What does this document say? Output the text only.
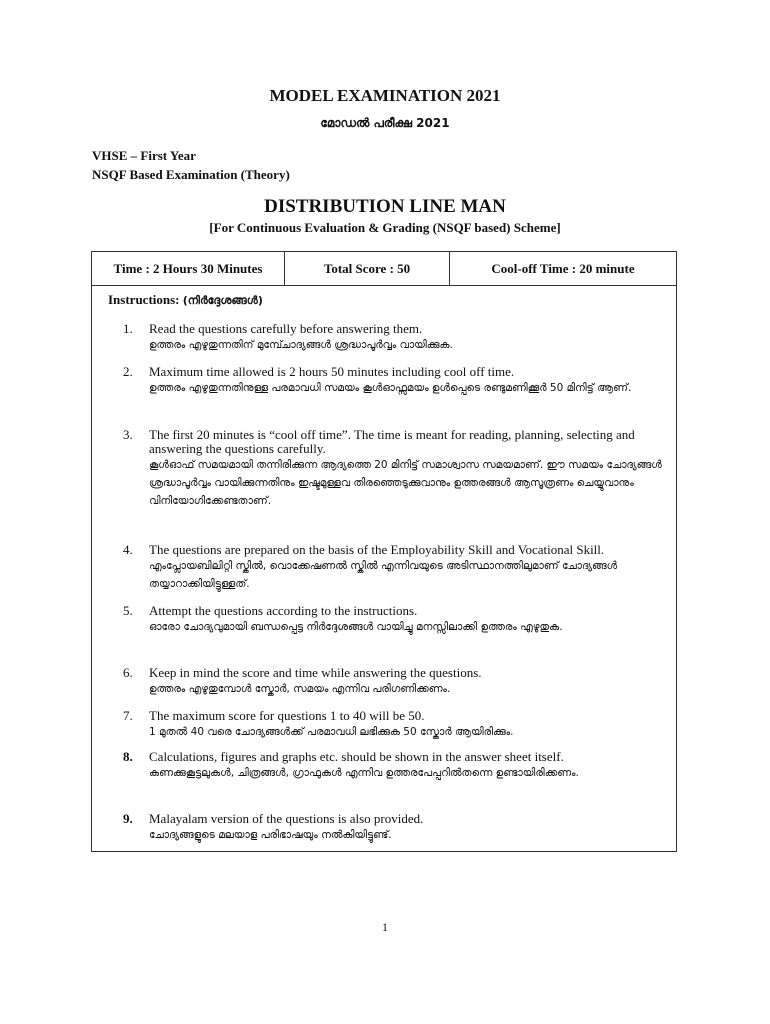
MODEL EXAMINATION 2021
മോഡൽ പരീക്ഷ 2021
VHSE – First Year
NSQF Based Examination (Theory)
DISTRIBUTION LINE MAN
[For Continuous Evaluation & Grading (NSQF based) Scheme]
Time : 2 Hours 30 Minutes	Total Score : 50	Cool-off Time : 20 minute
Instructions: (നിർദ്ദേശങ്ങൾ)
1. Read the questions carefully before answering them.
ഉത്തരം എഴുതുന്നതിന് മുമ്പ്ചോദ്യങ്ങൾ ശ്രദ്ധാപൂർവ്വം വായിക്കുക.
2. Maximum time allowed is 2 hours 50 minutes including cool off time.
ഉത്തരം എഴുതുന്നതിനുള്ള പരമാവധി സമയം കൂൾഓഫ്സമയം ഉൾപ്പെടെ രണ്ടുമണിക്കൂർ 50 മിനിട്ട് ആണ്.
3. The first 20 minutes is “cool off time”. The time is meant for reading, planning, selecting and answering the questions carefully.
കൂൾഓഫ് സമയമായി തന്നിരിക്കുന്ന ആദ്യത്തെ 20 മിനിട്ട് സമാശ്വാസ സമയമാണ്. ഈ സമയം ചോദ്യങ്ങൾ ശ്രദ്ധാപൂർവ്വം വായിക്കുന്നതിനും ഇഷ്ടമുള്ളവ തിരഞ്ഞെടുക്കുവാനും ഉത്തരങ്ങൾ ആസൂത്രണം ചെയ്യുവാനും വിനിയോഗിക്കേണ്ടതാണ്.
4. The questions are prepared on the basis of the Employability Skill and Vocational Skill.
എംപ്ലോയബിലിറ്റി സ്കിൽ, വൊക്കേഷണൽ സ്കിൽ എന്നിവയുടെ അടിസ്ഥാനത്തിലുമാണ് ചോദ്യങ്ങൾ തയ്യാറാക്കിയിട്ടുള്ളത്.
5. Attempt the questions according to the instructions.
ഓരോ ചോദ്യവുമായി ബന്ധപ്പെട്ട നിർദ്ദേശങ്ങൾ വായിച്ചു മനസ്സിലാക്കി ഉത്തരം എഴുതുക.
6. Keep in mind the score and time while answering the questions.
ഉത്തരം എഴുതുമ്പോൾ സ്കോർ, സമയം എന്നിവ പരിഗണിക്കണം.
7. The maximum score for questions 1 to 40 will be 50.
1 മുതൽ 40 വരെ ചോദ്യങ്ങൾക്ക് പരമാവധി ലഭിക്കുക 50 സ്കോർ ആയിരിക്കും.
8. Calculations, figures and graphs etc. should be shown in the answer sheet itself.
കണക്കുകൂട്ടലുകൾ, ചിത്രങ്ങൾ, ഗ്രാഫുകൾ എന്നിവ ഉത്തരപേപ്പറിൽതന്നെ ഉണ്ടായിരിക്കണം.
9. Malayalam version of the questions is also provided.
ചോദ്യങ്ങളുടെ മലയാള പരിഭാഷയും നൽകിയിട്ടുണ്ട്.
1
